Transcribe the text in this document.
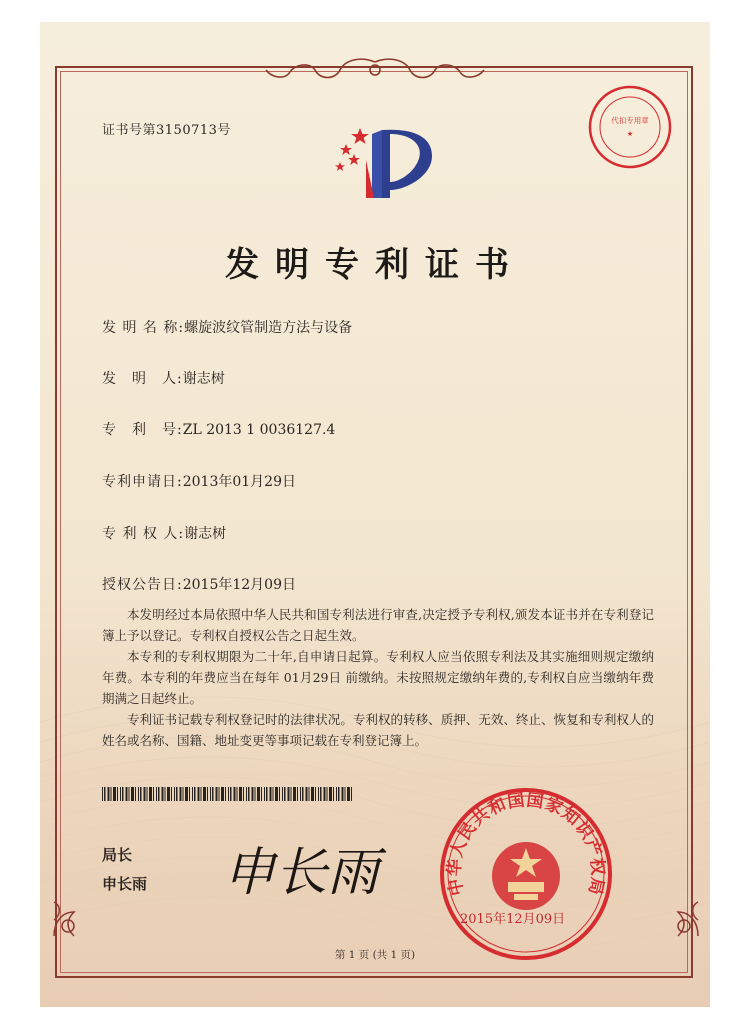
代扣专用章
★
证书号第3150713号
发明专利证书
发 明 名 称:螺旋波纹管制造方法与设备
发　明　人:谢志树
专　利　号:ZL 2013 1 0036127.4
专利申请日:2013年01月29日
专 利 权 人:谢志树
授权公告日:2015年12月09日

本发明经过本局依照中华人民共和国专利法进行审查,决定授予专利权,颁发本证书并在专利登记簿上予以登记。专利权自授权公告之日起生效。

本专利的专利权期限为二十年,自申请日起算。专利权人应当依照专利法及其实施细则规定缴纳年费。本专利的年费应当在每年 01月29日 前缴纳。未按照规定缴纳年费的,专利权自应当缴纳年费期满之日起终止。

专利证书记载专利权登记时的法律状况。专利权的转移、质押、无效、终止、恢复和专利权人的姓名或名称、国籍、地址变更等事项记载在专利登记簿上。

局长
申长雨 申长雨	中华人民共和国国家知识产权局
2015年12月09日
第 1 页 (共 1 页)
